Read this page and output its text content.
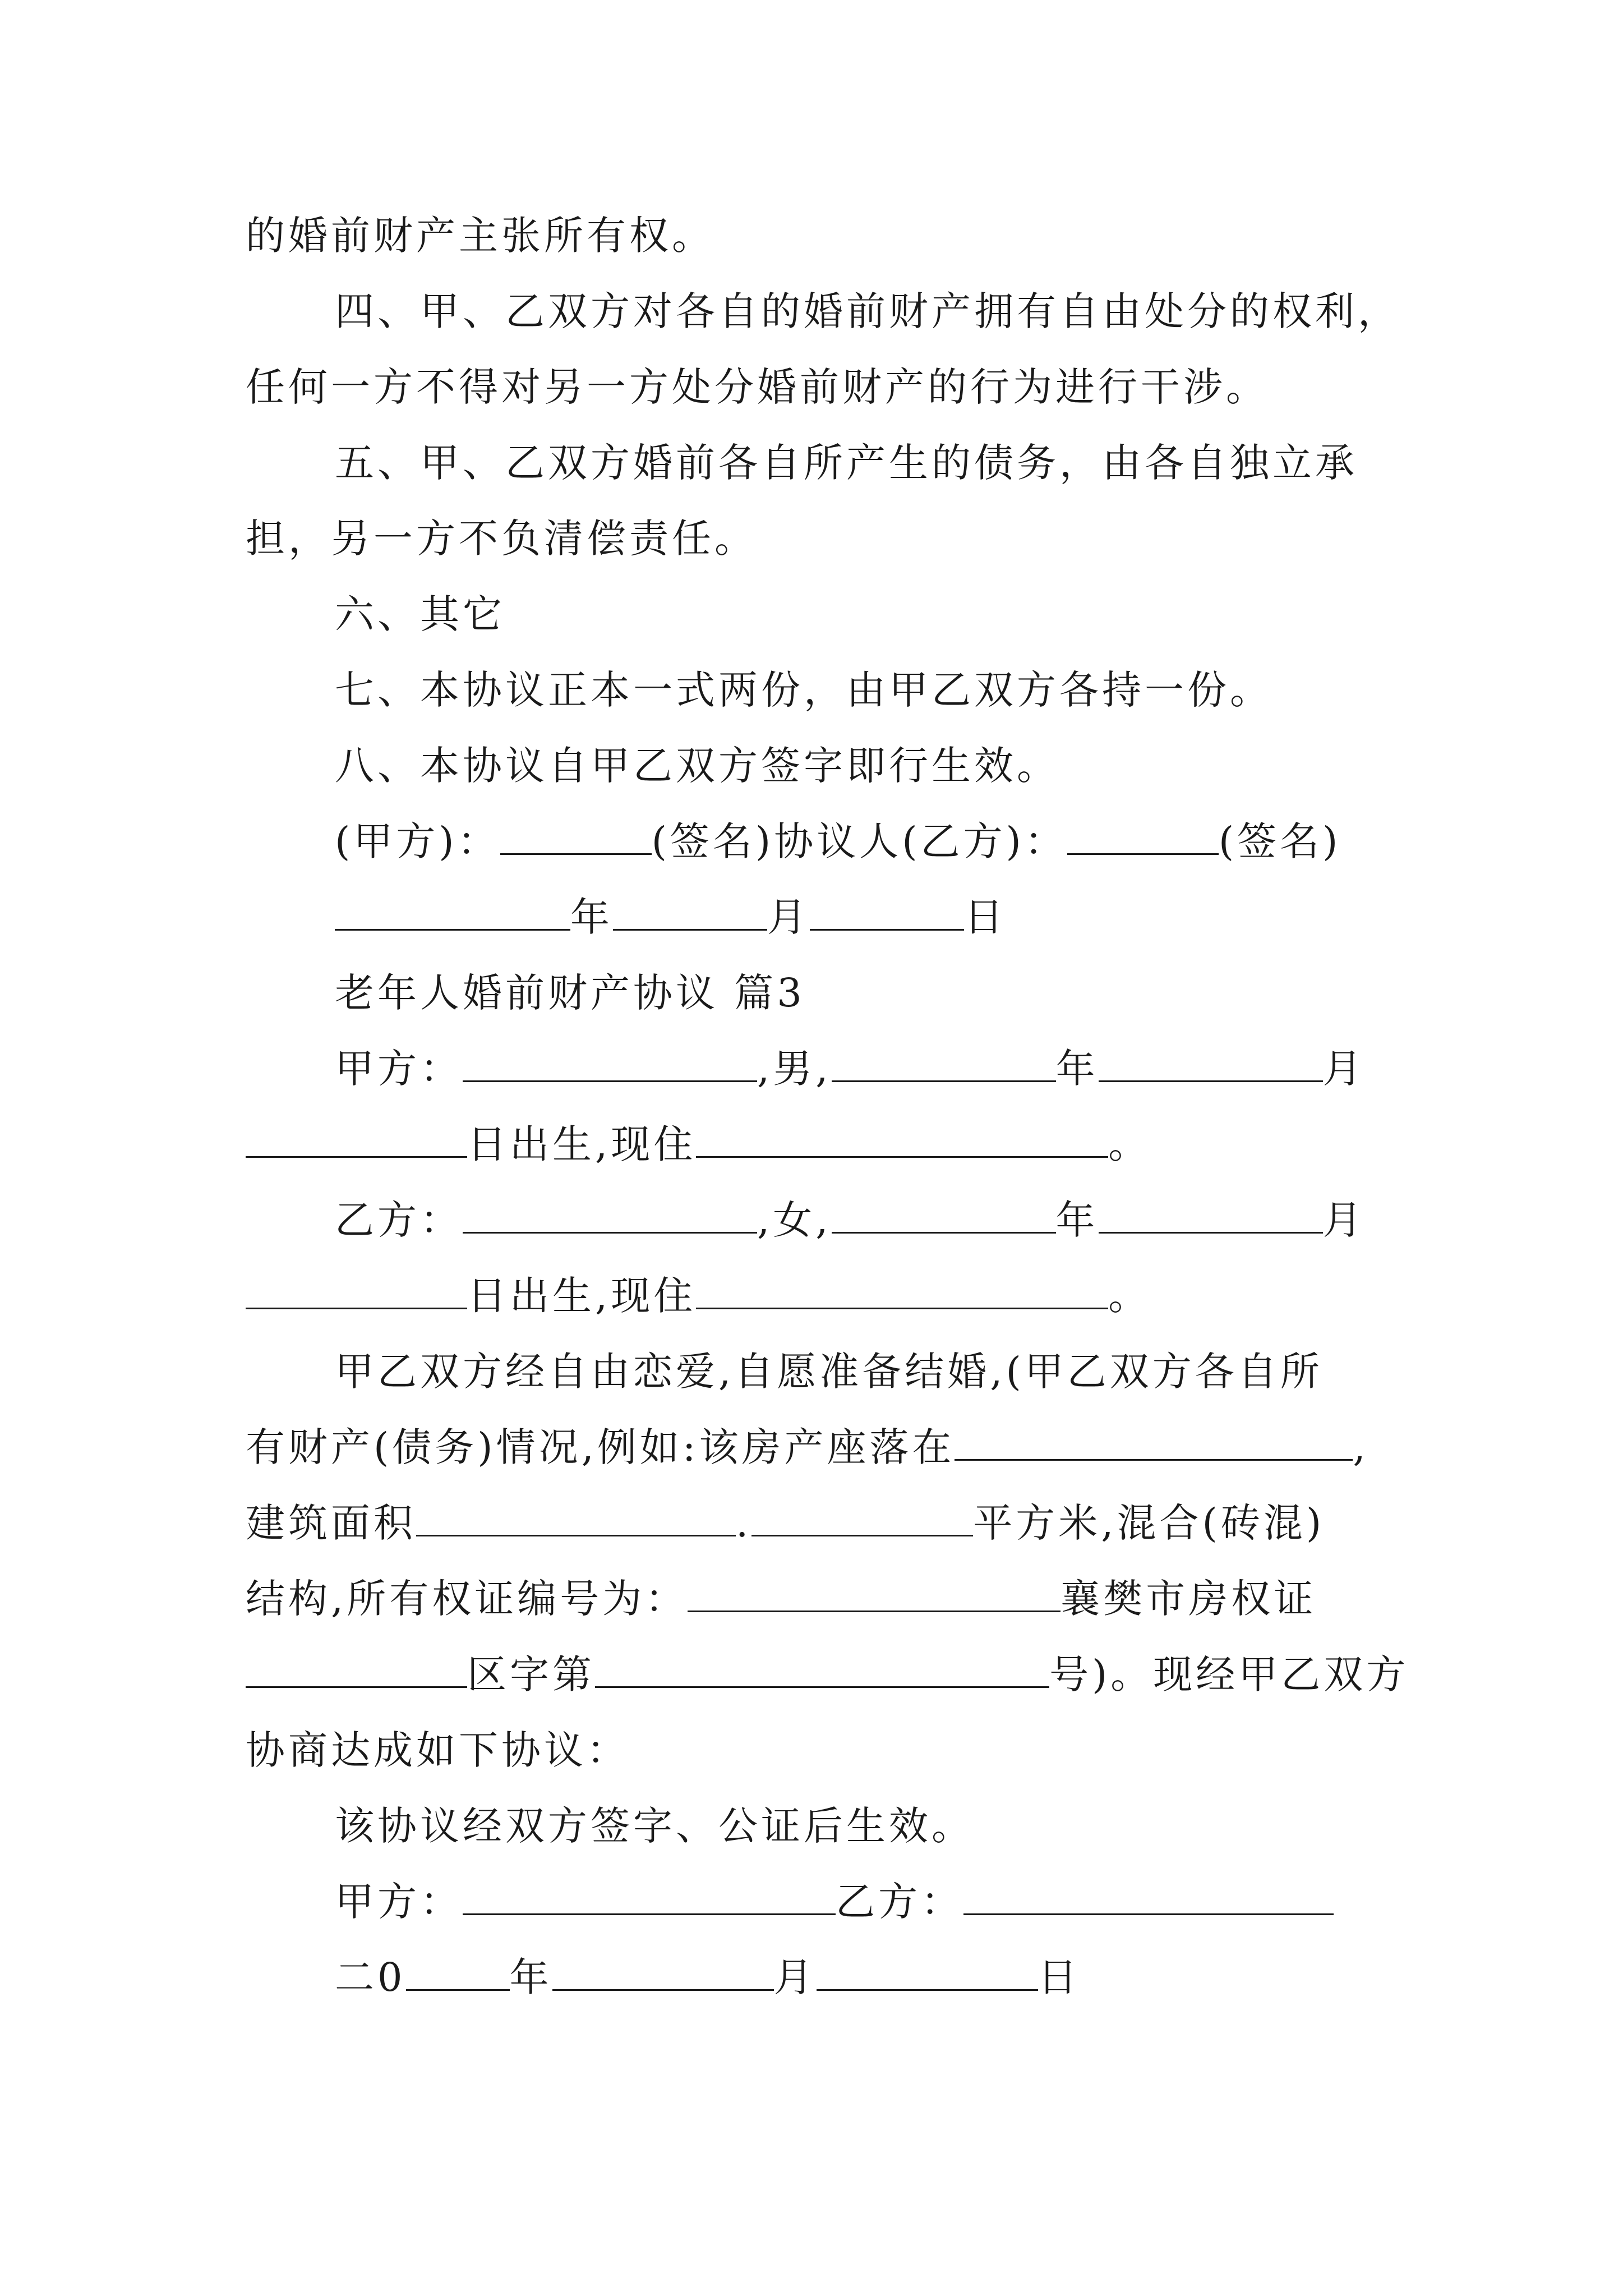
的婚前财产主张所有权。
四、甲、乙双方对各自的婚前财产拥有自由处分的权利，
任何一方不得对另一方处分婚前财产的行为进行干涉。
五、甲、乙双方婚前各自所产生的债务，由各自独立承
担，另一方不负清偿责任。
六、其它
七、本协议正本一式两份，由甲乙双方各持一份。
八、本协议自甲乙双方签字即行生效。
(甲方)：	(签名)协议人(乙方)：	(签名)
年	月	日
老年人婚前财产协议 篇3
甲方：	,男,	年	月
日出生,现住	。
乙方：	,女,	年	月
日出生,现住	。
甲乙双方经自由恋爱,自愿准备结婚,(甲乙双方各自所
有财产(债务)情况,例如:该房产座落在	,
建筑面积	.	平方米,混合(砖混)
结构,所有权证编号为：	襄樊市房权证
区字第	号)。现经甲乙双方
协商达成如下协议：
该协议经双方签字、公证后生效。
甲方：	乙方：
二0	年	月	日
